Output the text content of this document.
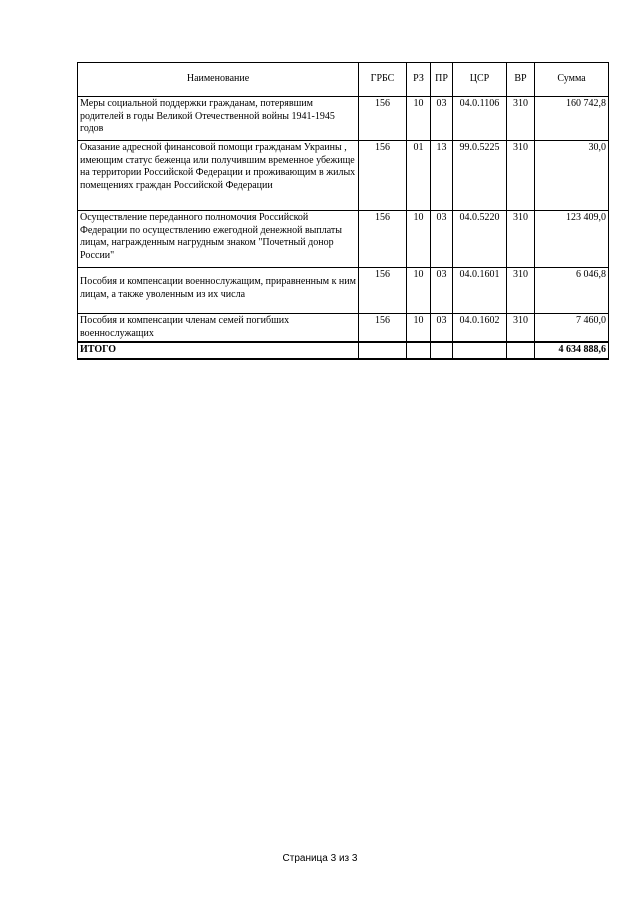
Наименование	ГРБС	РЗ	ПР	ЦСР	ВР	Сумма
Меры социальной поддержки гражданам, потерявшим родителей в годы Великой Отечественной войны 1941-1945 годов	156	10	03	04.0.1106	310	160 742,8
Оказание адресной финансовой помощи гражданам Украины , имеющим статус беженца или получившим временное убежище на территории Российской Федерации и проживающим в жилых помещениях граждан Российской Федерации	156	01	13	99.0.5225	310	30,0
Осуществление переданного полномочия Российской Федерации по осуществлению ежегодной денежной выплаты лицам, награжденным нагрудным знаком "Почетный донор России"	156	10	03	04.0.5220	310	123 409,0
Пособия и компенсации военнослужащим, приравненным к ним лицам, а также уволенным из их числа	156	10	03	04.0.1601	310	6 046,8
Пособия и компенсации членам семей погибших военнослужащих	156	10	03	04.0.1602	310	7 460,0
ИТОГО						4 634 888,6
Страница 3 из 3
